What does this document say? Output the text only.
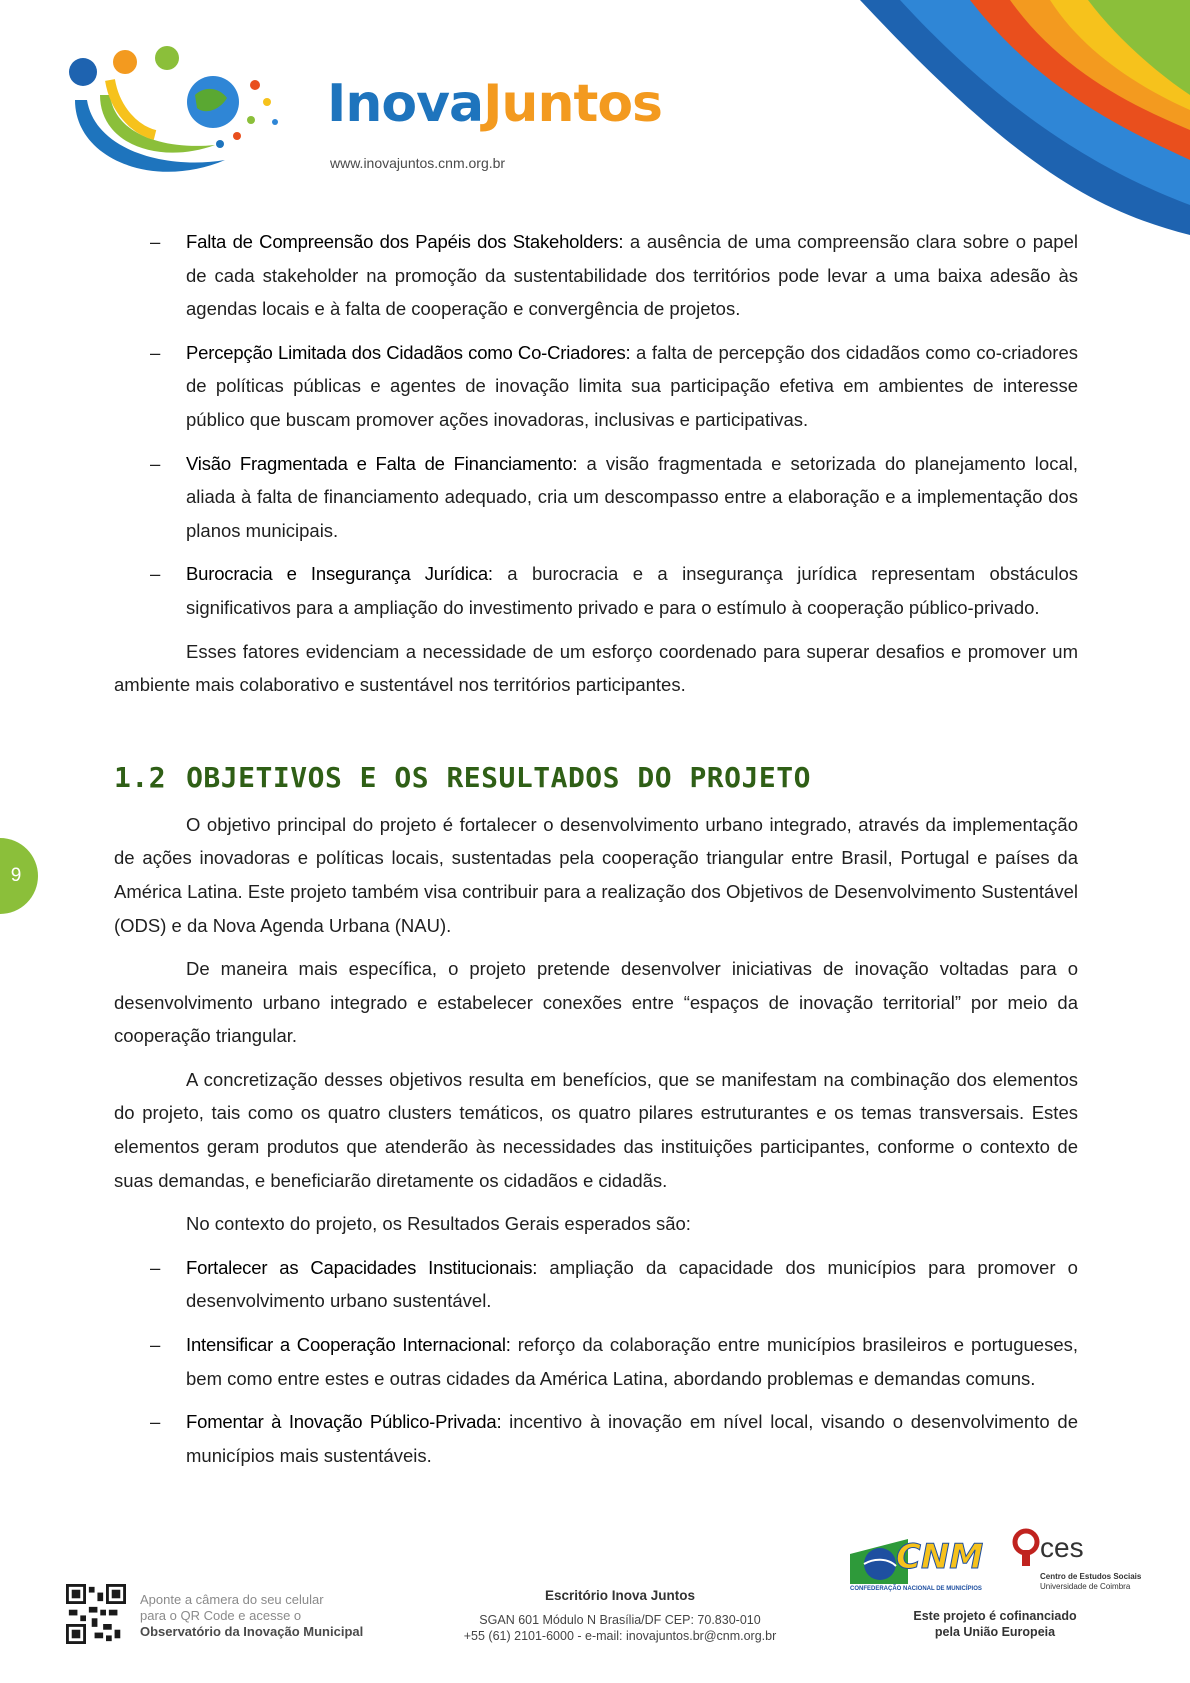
InovaJuntos
www.inovajuntos.cnm.org.br
9
– Falta de Compreensão dos Papéis dos Stakeholders: a ausência de uma compreensão clara sobre o papel de cada stakeholder na promoção da sustentabilidade dos territórios pode levar a uma baixa adesão às agendas locais e à falta de cooperação e convergência de projetos.
– Percepção Limitada dos Cidadãos como Co-Criadores: a falta de percepção dos cidadãos como co-criadores de políticas públicas e agentes de inovação limita sua participação efetiva em ambientes de interesse público que buscam promover ações inovadoras, inclusivas e participativas.
– Visão Fragmentada e Falta de Financiamento: a visão fragmentada e setorizada do planejamento local, aliada à falta de financiamento adequado, cria um descompasso entre a elaboração e a implementação dos planos municipais.
– Burocracia e Insegurança Jurídica: a burocracia e a insegurança jurídica representam obstáculos significativos para a ampliação do investimento privado e para o estímulo à cooperação público-privado.

Esses fatores evidenciam a necessidade de um esforço coordenado para superar desafios e promover um ambiente mais colaborativo e sustentável nos territórios participantes.

1.2 OBJETIVOS E OS RESULTADOS DO PROJETO

O objetivo principal do projeto é fortalecer o desenvolvimento urbano integrado, através da implementação de ações inovadoras e políticas locais, sustentadas pela cooperação triangular entre Brasil, Portugal e países da América Latina. Este projeto também visa contribuir para a realização dos Objetivos de Desenvolvimento Sustentável (ODS) e da Nova Agenda Urbana (NAU).

De maneira mais específica, o projeto pretende desenvolver iniciativas de inovação voltadas para o desenvolvimento urbano integrado e estabelecer conexões entre “espaços de inovação territorial” por meio da cooperação triangular.

A concretização desses objetivos resulta em benefícios, que se manifestam na combinação dos elementos do projeto, tais como os quatro clusters temáticos, os quatro pilares estruturantes e os temas transversais. Estes elementos geram produtos que atenderão às necessidades das instituições participantes, conforme o contexto de suas demandas, e beneficiarão diretamente os cidadãos e cidadãs.

No contexto do projeto, os Resultados Gerais esperados são:

– Fortalecer as Capacidades Institucionais: ampliação da capacidade dos municípios para promover o desenvolvimento urbano sustentável.
– Intensificar a Cooperação Internacional: reforço da colaboração entre municípios brasileiros e portugueses, bem como entre estes e outras cidades da América Latina, abordando problemas e demandas comuns.
– Fomentar à Inovação Público-Privada: incentivo à inovação em nível local, visando o desenvolvimento de municípios mais sustentáveis.
Aponte a câmera do seu celular
para o QR Code e acesse o
Observatório da Inovação Municipal
Escritório Inova Juntos
SGAN 601 Módulo N Brasília/DF CEP: 70.830-010
+55 (61) 2101-6000 - e-mail: inovajuntos.br@cnm.org.br
CNM
CONFEDERAÇÃO NACIONAL DE MUNICÍPIOS
ces
Centro de Estudos Sociais
Universidade de Coimbra
Este projeto é cofinanciado
pela União Europeia
